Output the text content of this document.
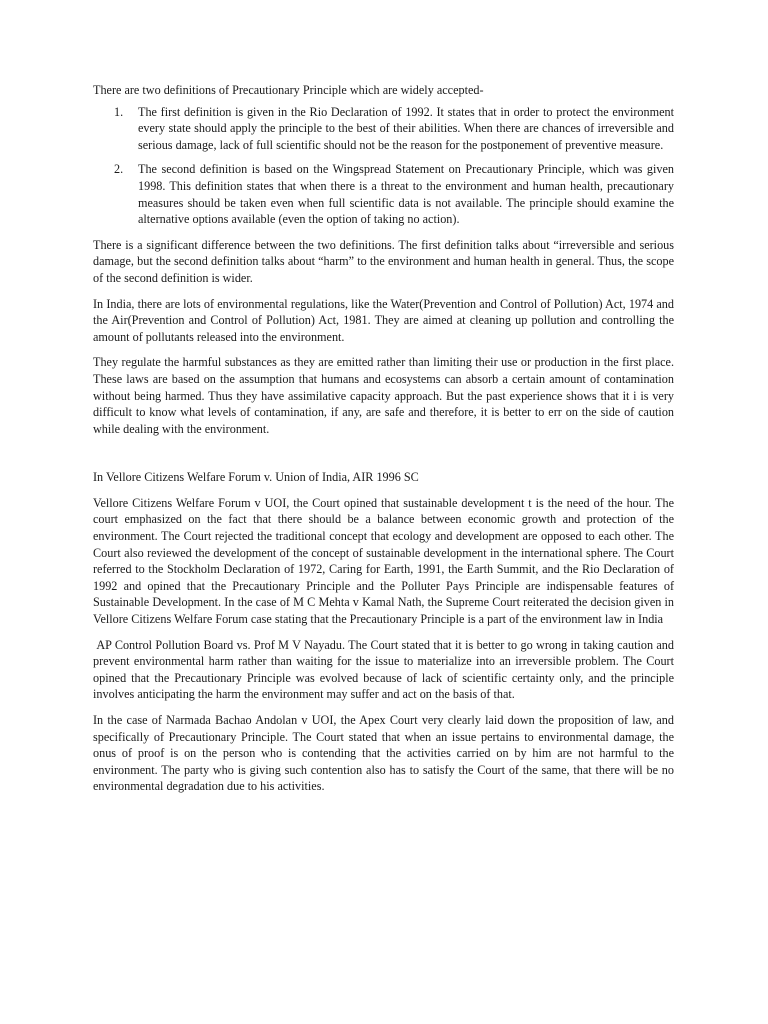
There are two definitions of Precautionary Principle which are widely accepted-

1. The first definition is given in the Rio Declaration of 1992. It states that in order to protect the environment every state should apply the principle to the best of their abilities. When there are chances of irreversible and serious damage, lack of full scientific should not be the reason for the postponement of preventive measure.
2. The second definition is based on the Wingspread Statement on Precautionary Principle, which was given 1998. This definition states that when there is a threat to the environment and human health, precautionary measures should be taken even when full scientific data is not available. The principle should examine the alternative options available (even the option of taking no action).

There is a significant difference between the two definitions. The first definition talks about “irreversible and serious damage, but the second definition talks about “harm” to the environment and human health in general. Thus, the scope of the second definition is wider.

In India, there are lots of environmental regulations, like the Water(Prevention and Control of Pollution) Act, 1974 and the Air(Prevention and Control of Pollution) Act, 1981. They are aimed at cleaning up pollution and controlling the amount of pollutants released into the environment.

They regulate the harmful substances as they are emitted rather than limiting their use or production in the first place. These laws are based on the assumption that humans and ecosystems can absorb a certain amount of contamination without being harmed. Thus they have assimilative capacity approach. But the past experience shows that it i is very difficult to know what levels of contamination, if any, are safe and therefore, it is better to err on the side of caution while dealing with the environment.

In Vellore Citizens Welfare Forum v. Union of India, AIR 1996 SC

Vellore Citizens Welfare Forum v UOI, the Court opined that sustainable development t is the need of the hour. The court emphasized on the fact that there should be a balance between economic growth and protection of the environment. The Court rejected the traditional concept that ecology and development are opposed to each other. The Court also reviewed the development of the concept of sustainable development in the international sphere. The Court referred to the Stockholm Declaration of 1972, Caring for Earth, 1991, the Earth Summit, and the Rio Declaration of 1992 and opined that the Precautionary Principle and the Polluter Pays Principle are indispensable features of Sustainable Development. In the case of M C Mehta v Kamal Nath, the Supreme Court reiterated the decision given in Vellore Citizens Welfare Forum case stating that the Precautionary Principle is a part of the environment law in India

AP Control Pollution Board vs. Prof M V Nayadu. The Court stated that it is better to go wrong in taking caution and prevent environmental harm rather than waiting for the issue to materialize into an irreversible problem. The Court opined that the Precautionary Principle was evolved because of lack of scientific certainty only, and the principle involves anticipating the harm the environment may suffer and act on the basis of that.

In the case of Narmada Bachao Andolan v UOI, the Apex Court very clearly laid down the proposition of law, and specifically of Precautionary Principle. The Court stated that when an issue pertains to environmental damage, the onus of proof is on the person who is contending that the activities carried on by him are not harmful to the environment. The party who is giving such contention also has to satisfy the Court of the same, that there will be no environmental degradation due to his activities.
